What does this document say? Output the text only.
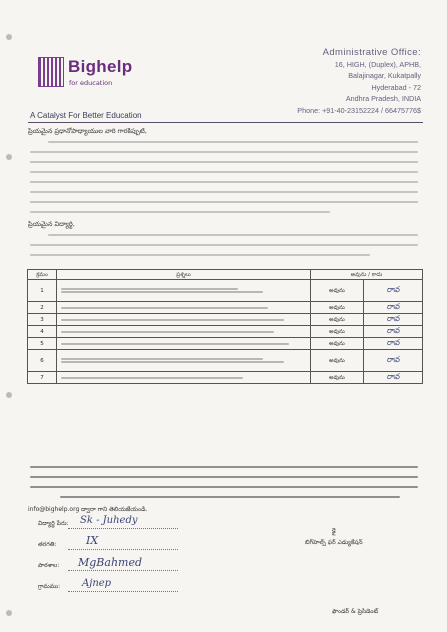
Bighelp
for education
Administrative Office:
16, HIGH, (Duplex), APHB,
Balajinagar, Kukatpally
Hyderabad - 72
Andhra Pradesh, INDIA
Phone: +91-40-23152224 / 66475776$
A Catalyst For Better Education
ప్రియమైన ప్రధానోపాధ్యాయుల వారి గారకిప్పుటి,
ప్రియమైన విద్యార్థి,
క్రమం	ప్రశ్నలు	అవును / కాదు	
1		అవును	రావ
2		అవును	రావ
3		అవును	రావ
4		అవును	రావ
5		అవును	రావ
6		అవును	రావ
7		అవును	రావ
info@bighelp.org ద్వారా గాని తెలియజేయండి.
విద్యార్థి పేరు: Sk - Juhedy
తరగతి:	IX
పాఠశాల: MgBahmed
గ్రామము: Ajnep
కై
బిగ్‌హెల్ప్ ఫర్ ఎడ్యుకేషన్
ఫౌండర్ & ప్రెసిడెంట్
